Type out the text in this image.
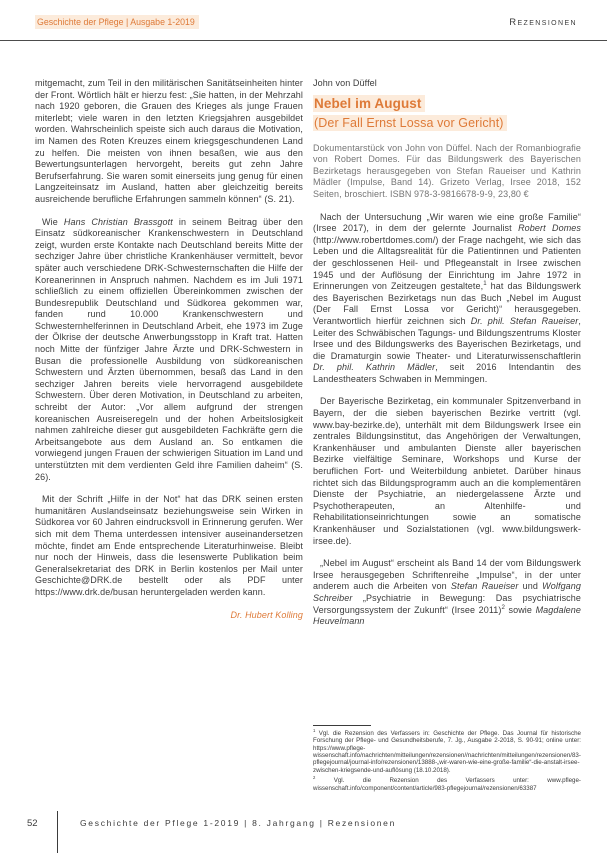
Geschichte der Pflege | Ausgabe 1-2019	Rezensionen

mitgemacht, zum Teil in den militärischen Sanitätseinheiten hinter der Front. Wörtlich hält er hierzu fest: „Sie hatten, in der Mehrzahl nach 1920 geboren, die Grauen des Krieges als junge Frauen miterlebt; viele waren in den letzten Kriegsjahren ausgebildet worden. Wahrscheinlich speiste sich auch daraus die Motivation, im Namen des Roten Kreuzes einem kriegsgeschundenen Land zu helfen. Die meisten von ihnen besaßen, wie aus den Bewertungsunterlagen hervorgeht, bereits gut zehn Jahre Berufserfahrung. Sie waren somit einerseits jung genug für einen Langzeiteinsatz im Ausland, hatten aber gleichzeitig bereits ausreichende berufliche Erfahrungen sammeln können“ (S. 21).

Wie Hans Christian Brassgott in seinem Beitrag über den Einsatz südkoreanischer Krankenschwestern in Deutschland zeigt, wurden erste Kontakte nach Deutschland bereits Mitte der sechziger Jahre über christliche Krankenhäuser vermittelt, bevor später auch verschiedene DRK-Schwesternschaften die Hilfe der Koreanerinnen in Anspruch nahmen. Nachdem es im Juli 1971 schließlich zu einem offiziellen Übereinkommen zwischen der Bundesrepublik Deutschland und Südkorea gekommen war, fanden rund 10.000 Krankenschwestern und Schwesternhelferinnen in Deutschland Arbeit, ehe 1973 im Zuge der Ölkrise der deutsche Anwerbungsstopp in Kraft trat. Hatten noch Mitte der fünfziger Jahre Ärzte und DRK-Schwestern in Busan die professionelle Ausbildung von südkoreanischen Schwestern und Ärzten übernommen, besaß das Land in den sechziger Jahren bereits viele hervorragend ausgebildete Schwestern. Über deren Motivation, in Deutschland zu arbeiten, schreibt der Autor: „Vor allem aufgrund der strengen koreanischen Ausreiseregeln und der hohen Arbeitslosigkeit nahmen zahlreiche dieser gut ausgebildeten Fachkräfte gern die Arbeitsangebote aus dem Ausland an. So entkamen die vorwiegend jungen Frauen der schwierigen Situation im Land und unterstützten mit dem verdienten Geld ihre Familien daheim“ (S. 26).

Mit der Schrift „Hilfe in der Not“ hat das DRK seinen ersten humanitären Auslandseinsatz beziehungsweise sein Wirken in Südkorea vor 60 Jahren eindrucksvoll in Erinnerung gerufen. Wer sich mit dem Thema unterdessen intensiver auseinandersetzen möchte, findet am Ende entsprechende Literaturhinweise. Bleibt nur noch der Hinweis, dass die lesenswerte Publikation beim Generalsekretariat des DRK in Berlin kostenlos per Mail unter Geschichte@DRK.de bestellt oder als PDF unter https://www.drk.de/busan heruntergeladen werden kann.

Dr. Hubert Kolling

John von Düffel

Nebel im August
(Der Fall Ernst Lossa vor Gericht)

Dokumentarstück von John von Düffel. Nach der Romanbiografie von Robert Domes. Für das Bildungswerk des Bayerischen Bezirketags herausgegeben von Stefan Raueiser und Kathrin Mädler (Impulse, Band 14). Grizeto Verlag, Irsee 2018, 152 Seiten, broschiert. ISBN 978-3-9816678-9-9, 23,80 €

Nach der Untersuchung „Wir waren wie eine große Familie“ (Irsee 2017), in dem der gelernte Journalist Robert Domes (http://www.robertdomes.com/) der Frage nachgeht, wie sich das Leben und die Alltagsrealität für die Patientinnen und Patienten der geschlossenen Heil- und Pflegeanstalt in Irsee zwischen 1945 und der Auflösung der Einrichtung im Jahre 1972 in Erinnerungen von Zeitzeugen gestaltete,$^1$ hat das Bildungswerk des Bayerischen Bezirketags nun das Buch „Nebel im August (Der Fall Ernst Lossa vor Gericht)“ herausgegeben. Verantwortlich hierfür zeichnen sich Dr. phil. Stefan Raueiser, Leiter des Schwäbischen Tagungs- und Bildungszentrums Kloster Irsee und des Bildungswerks des Bayerischen Bezirketags, und die Dramaturgin sowie Theater- und Literaturwissenschaftlerin Dr. phil. Kathrin Mädler, seit 2016 Intendantin des Landestheaters Schwaben in Memmingen.

Der Bayerische Bezirketag, ein kommunaler Spitzenverband in Bayern, der die sieben bayerischen Bezirke vertritt (vgl. www.bay-bezirke.de), unterhält mit dem Bildungswerk Irsee ein zentrales Bildungsinstitut, das Angehörigen der Verwaltungen, Krankenhäuser und ambulanten Dienste aller bayerischen Bezirke vielfältige Seminare, Workshops und Kurse der beruflichen Fort- und Weiterbildung anbietet. Darüber hinaus richtet sich das Bildungsprogramm auch an die komplementären Dienste der Psychiatrie, an niedergelassene Ärzte und Psychotherapeuten, an Altenhilfe- und Rehabilitationseinrichtungen sowie an somatische Krankenhäuser und Sozialstationen (vgl. www.bildungswerk-irsee.de).

„Nebel im August“ erscheint als Band 14 der vom Bildungswerk Irsee herausgegeben Schriftenreihe „Impulse“, in der unter anderem auch die Arbeiten von Stefan Raueiser und Wolfgang Schreiber „Psychiatrie in Bewegung: Das psychiatrische Versorgungssystem der Zukunft“ (Irsee 2011)$^2$ sowie Magdalene Heuvelmann

$^1$ Vgl. die Rezension des Verfassers in: Geschichte der Pflege. Das Journal für historische Forschung der Pflege- und Gesundheitsberufe, 7. Jg., Ausgabe 2-2018, S. 90-91; online unter: https://www.pflege-wissenschaft.info/nachrichten/mitteilungen/rezensionen//nachrichten/mitteilungen/rezensionen/83-pflegejournal/journal-info/rezensionen/13888-„wir-waren-wie-eine-große-familie“-die-anstalt-irsee-zwischen-kriegsende-und-auflösung (18.10.2018).

$^2$ Vgl. die Rezension des Verfassers unter: www.pflege-wissenschaft.info/component/content/article/983-pflegejournal/rezensionen/63387

52	Geschichte der Pflege 1-2019 | 8. Jahrgang | Rezensionen
